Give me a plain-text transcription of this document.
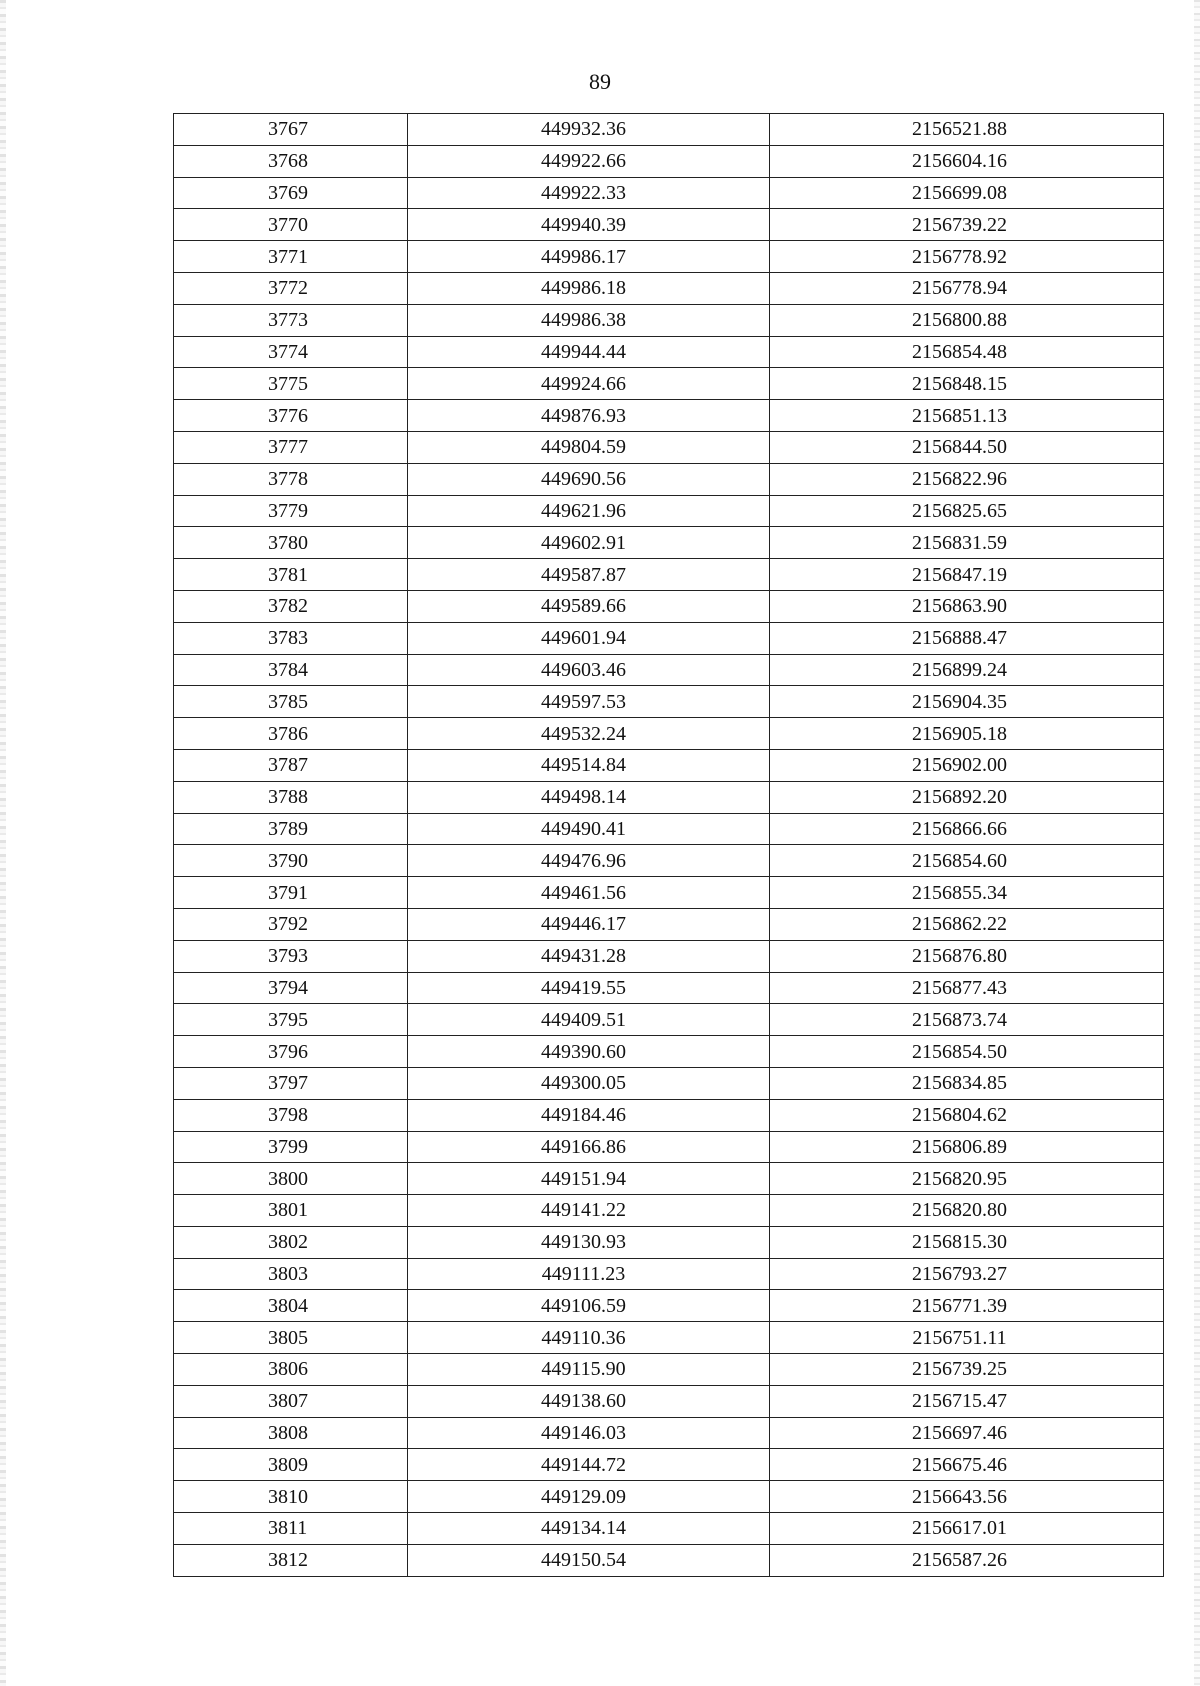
89
3767	449932.36	2156521.88
3768	449922.66	2156604.16
3769	449922.33	2156699.08
3770	449940.39	2156739.22
3771	449986.17	2156778.92
3772	449986.18	2156778.94
3773	449986.38	2156800.88
3774	449944.44	2156854.48
3775	449924.66	2156848.15
3776	449876.93	2156851.13
3777	449804.59	2156844.50
3778	449690.56	2156822.96
3779	449621.96	2156825.65
3780	449602.91	2156831.59
3781	449587.87	2156847.19
3782	449589.66	2156863.90
3783	449601.94	2156888.47
3784	449603.46	2156899.24
3785	449597.53	2156904.35
3786	449532.24	2156905.18
3787	449514.84	2156902.00
3788	449498.14	2156892.20
3789	449490.41	2156866.66
3790	449476.96	2156854.60
3791	449461.56	2156855.34
3792	449446.17	2156862.22
3793	449431.28	2156876.80
3794	449419.55	2156877.43
3795	449409.51	2156873.74
3796	449390.60	2156854.50
3797	449300.05	2156834.85
3798	449184.46	2156804.62
3799	449166.86	2156806.89
3800	449151.94	2156820.95
3801	449141.22	2156820.80
3802	449130.93	2156815.30
3803	449111.23	2156793.27
3804	449106.59	2156771.39
3805	449110.36	2156751.11
3806	449115.90	2156739.25
3807	449138.60	2156715.47
3808	449146.03	2156697.46
3809	449144.72	2156675.46
3810	449129.09	2156643.56
3811	449134.14	2156617.01
3812	449150.54	2156587.26
